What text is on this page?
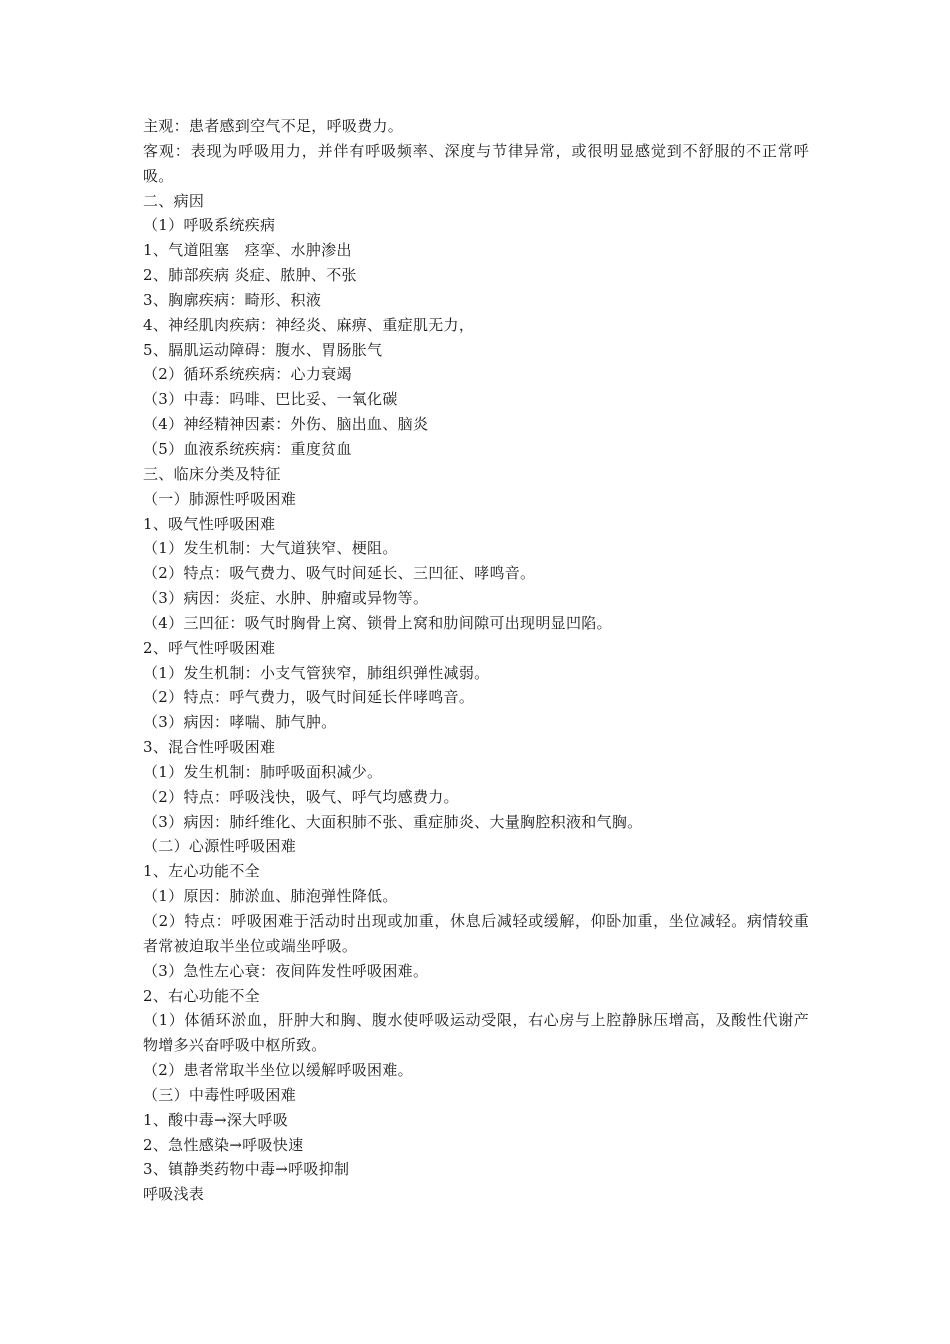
主观：患者感到空气不足，呼吸费力。
客观：表现为呼吸用力，并伴有呼吸频率、深度与节律异常，或很明显感觉到不舒服的不正常呼吸。
二、病因
（1）呼吸系统疾病
1、气道阻塞　痉挛、水肿渗出
2、肺部疾病 炎症、脓肿、不张
3、胸廓疾病：畸形、积液
4、神经肌肉疾病：神经炎、麻痹、重症肌无力，
5、膈肌运动障碍：腹水、胃肠胀气
（2）循环系统疾病：心力衰竭
（3）中毒：吗啡、巴比妥、一氧化碳
（4）神经精神因素：外伤、脑出血、脑炎
（5）血液系统疾病：重度贫血
三、临床分类及特征
（一）肺源性呼吸困难
1、吸气性呼吸困难
（1）发生机制：大气道狭窄、梗阻。
（2）特点：吸气费力、吸气时间延长、三凹征、哮鸣音。
（3）病因：炎症、水肿、肿瘤或异物等。
（4）三凹征：吸气时胸骨上窝、锁骨上窝和肋间隙可出现明显凹陷。
2、呼气性呼吸困难
（1）发生机制：小支气管狭窄，肺组织弹性减弱。
（2）特点：呼气费力，吸气时间延长伴哮鸣音。
（3）病因：哮喘、肺气肿。
3、混合性呼吸困难
（1）发生机制：肺呼吸面积减少。
（2）特点：呼吸浅快，吸气、呼气均感费力。
（3）病因：肺纤维化、大面积肺不张、重症肺炎、大量胸腔积液和气胸。
（二）心源性呼吸困难
1、左心功能不全
（1）原因：肺淤血、肺泡弹性降低。
（2）特点：呼吸困难于活动时出现或加重，休息后减轻或缓解，仰卧加重，坐位减轻。病情较重者常被迫取半坐位或端坐呼吸。
（3）急性左心衰：夜间阵发性呼吸困难。
2、右心功能不全
（1）体循环淤血，肝肿大和胸、腹水使呼吸运动受限，右心房与上腔静脉压增高，及酸性代谢产物增多兴奋呼吸中枢所致。
（2）患者常取半坐位以缓解呼吸困难。
（三）中毒性呼吸困难
1、酸中毒→深大呼吸
2、急性感染→呼吸快速
3、镇静类药物中毒→呼吸抑制
呼吸浅表
